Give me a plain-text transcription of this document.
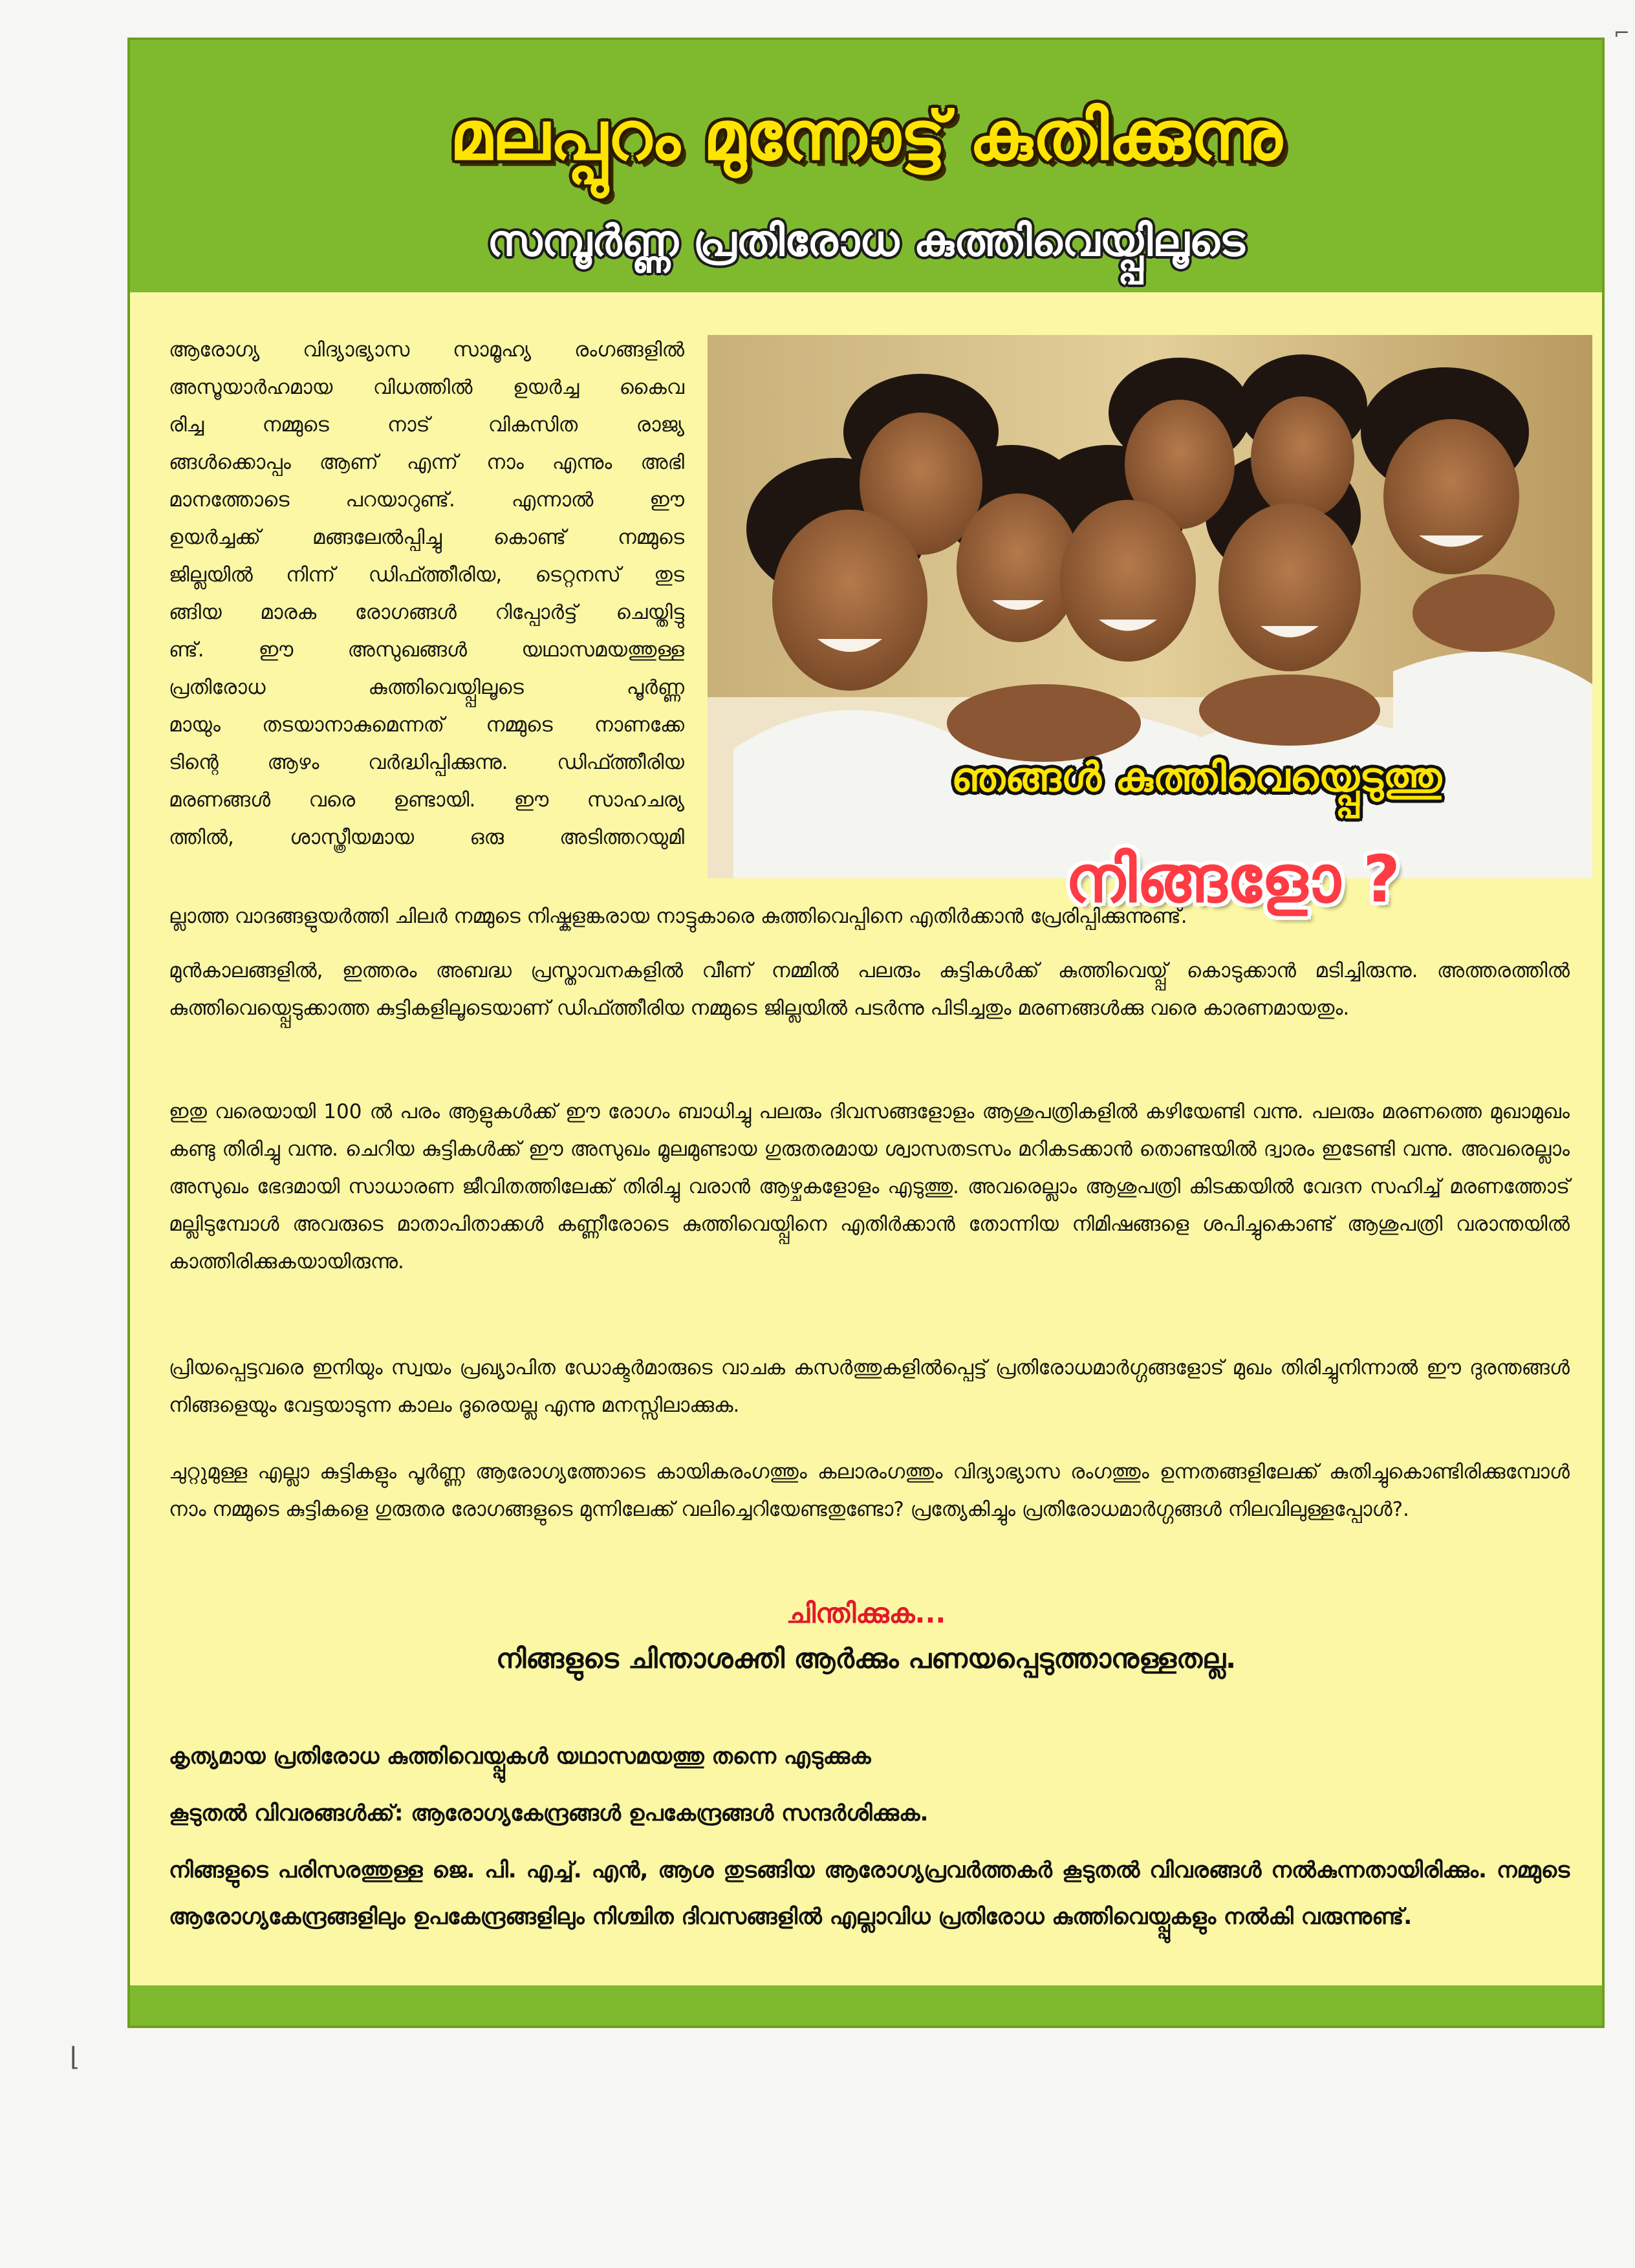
⌐
⌊
മലപ്പുറം മുന്നോട്ട് കുതിക്കുന്നു
സമ്പൂർണ്ണ പ്രതിരോധ കുത്തിവെയ്പ്പിലൂടെ
ആരോഗ്യ വിദ്യാഭ്യാസ സാമൂഹ്യ രംഗങ്ങളിൽ
അസൂയാർഹമായ വിധത്തിൽ ഉയർച്ച കൈവ
രിച്ച നമ്മുടെ നാട് വികസിത രാജ്യ
ങ്ങൾക്കൊപ്പം ആണ് എന്ന് നാം എന്നും അഭി
മാനത്തോടെ പറയാറുണ്ട്. എന്നാൽ ഈ
ഉയർച്ചക്ക് മങ്ങലേൽപ്പിച്ചു കൊണ്ട് നമ്മുടെ
ജില്ലയിൽ നിന്ന് ഡിഫ്ത്തീരിയ, ടെറ്റനസ് തുട
ങ്ങിയ മാരക രോഗങ്ങൾ റിപ്പോർട്ട് ചെയ്തിട്ടു
ണ്ട്. ഈ അസുഖങ്ങൾ യഥാസമയത്തുള്ള
പ്രതിരോധ കുത്തിവെയ്പ്പിലൂടെ പൂർണ്ണ
മായും തടയാനാകുമെന്നത് നമ്മുടെ നാണക്കേ
ടിന്റെ ആഴം വർദ്ധിപ്പിക്കുന്നു. ഡിഫ്ത്തീരിയ
മരണങ്ങൾ വരെ ഉണ്ടായി. ഈ സാഹചര്യ
ത്തിൽ, ശാസ്ത്രീയമായ ഒരു അടിത്തറയുമി
ഞങ്ങൾ കുത്തിവെയ്പ്പെടുത്തു
നിങ്ങളോ ?
ല്ലാത്ത വാദങ്ങളുയർത്തി ചിലർ നമ്മുടെ നിഷ്കളങ്കരായ നാട്ടുകാരെ കുത്തിവെപ്പിനെ എതിർക്കാൻ പ്രേരിപ്പിക്കുന്നുണ്ട്.
മുൻകാലങ്ങളിൽ, ഇത്തരം അബദ്ധ പ്രസ്താവനകളിൽ വീണ് നമ്മിൽ പലരും കുട്ടികൾക്ക് കുത്തിവെയ്പ്പ് കൊടുക്കാൻ മടിച്ചിരുന്നു. അത്തരത്തിൽ കുത്തിവെയ്പ്പെടുക്കാത്ത കുട്ടികളിലൂടെയാണ് ഡിഫ്ത്തീരിയ നമ്മുടെ ജില്ലയിൽ പടർന്നു പിടിച്ചതും മരണങ്ങൾക്കു വരെ കാരണമായതും.
ഇതു വരെയായി 100 ൽ പരം ആളുകൾക്ക് ഈ രോഗം ബാധിച്ചു പലരും ദിവസങ്ങളോളം ആശുപത്രികളിൽ കഴിയേണ്ടി വന്നു. പലരും മരണത്തെ മുഖാമുഖം കണ്ടു തിരിച്ചു വന്നു. ചെറിയ കുട്ടികൾക്ക് ഈ അസുഖം മൂലമുണ്ടായ ഗുരുതരമായ ശ്വാസതടസം മറികടക്കാൻ തൊണ്ടയിൽ ദ്വാരം ഇടേണ്ടി വന്നു. അവരെല്ലാം അസുഖം ഭേദമായി സാധാരണ ജീവിതത്തിലേക്ക് തിരിച്ചു വരാൻ ആഴ്ചകളോളം എടുത്തു. അവരെല്ലാം ആശുപത്രി കിടക്കയിൽ വേദന സഹിച്ച് മരണത്തോട് മല്ലിടുമ്പോൾ അവരുടെ മാതാപിതാക്കൾ കണ്ണീരോടെ കുത്തിവെയ്പ്പിനെ എതിർക്കാൻ തോന്നിയ നിമിഷങ്ങളെ ശപിച്ചുകൊണ്ട് ആശുപത്രി വരാന്തയിൽ കാത്തിരിക്കുകയായിരുന്നു.
പ്രിയപ്പെട്ടവരെ ഇനിയും സ്വയം പ്രഖ്യാപിത ഡോക്ടർമാരുടെ വാചക കസർത്തുകളിൽപ്പെട്ട് പ്രതിരോധമാർഗ്ഗങ്ങളോട് മുഖം തിരിച്ചുനിന്നാൽ ഈ ദുരന്തങ്ങൾ നിങ്ങളെയും വേട്ടയാടുന്ന കാലം ദൂരെയല്ല എന്നു മനസ്സിലാക്കുക.
ചുറ്റുമുള്ള എല്ലാ കുട്ടികളും പൂർണ്ണ ആരോഗ്യത്തോടെ കായികരംഗത്തും കലാരംഗത്തും വിദ്യാഭ്യാസ രംഗത്തും ഉന്നതങ്ങളിലേക്ക് കുതിച്ചുകൊണ്ടിരിക്കുമ്പോൾ നാം നമ്മുടെ കുട്ടികളെ ഗുരുതര രോഗങ്ങളുടെ മുന്നിലേക്ക് വലിച്ചെറിയേണ്ടതുണ്ടോ? പ്രത്യേകിച്ചും പ്രതിരോധമാർഗ്ഗങ്ങൾ നിലവിലുള്ളപ്പോൾ?.
ചിന്തിക്കുക...
നിങ്ങളുടെ ചിന്താശക്തി ആർക്കും പണയപ്പെടുത്താനുള്ളതല്ല.
കൃത്യമായ പ്രതിരോധ കുത്തിവെയ്പ്പുകൾ യഥാസമയത്തു തന്നെ എടുക്കുക
കൂടുതൽ വിവരങ്ങൾക്ക്: ആരോഗ്യകേന്ദ്രങ്ങൾ ഉപകേന്ദ്രങ്ങൾ സന്ദർശിക്കുക.
നിങ്ങളുടെ പരിസരത്തുള്ള ജെ. പി. എച്ച്. എൻ, ആശ തുടങ്ങിയ ആരോഗ്യപ്രവർത്തകർ കൂടുതൽ വിവരങ്ങൾ നൽകുന്നതായിരിക്കും. നമ്മുടെ ആരോഗ്യകേന്ദ്രങ്ങളിലും ഉപകേന്ദ്രങ്ങളിലും നിശ്ചിത ദിവസങ്ങളിൽ എല്ലാവിധ പ്രതിരോധ കുത്തിവെയ്പ്പുകളും നൽകി വരുന്നുണ്ട്.
